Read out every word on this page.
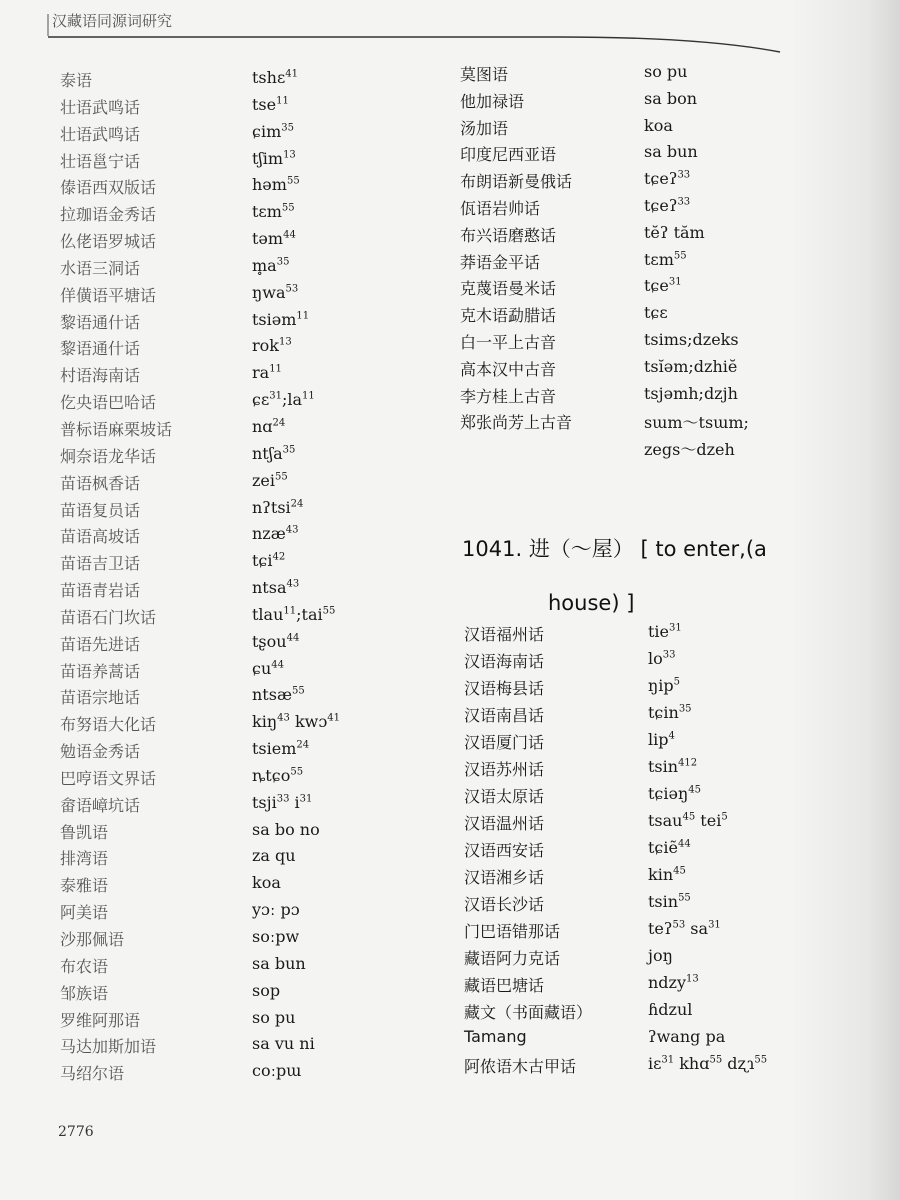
汉藏语同源词研究
泰语	tshɛ$^{41}$
壮语武鸣话	tse$^{11}$
壮语武鸣话	ɕim$^{35}$
壮语邕宁话	tʃim$^{13}$
傣语西双版话	həm$^{55}$
拉珈语金秀话	tɛm$^{55}$
仫佬语罗城话	təm$^{44}$
水语三洞话	$m̥a^{35}$
佯僙语平塘话	ŋwa$^{53}$
黎语通什话	tsiəm$^{11}$
黎语通什话	rok$^{13}$
村语海南话	$ra^{11}$
仡央语巴哈话	$ɕɛ^{31};la^{11}$
普标语麻栗坡话	nɑ$^{24}$
炯奈语龙华话	ntʃa$^{35}$
苗语枫香话	zei$^{55}$
苗语复员话	nʔtsi$^{24}$
苗语高坡话	nzæ$^{43}$
苗语吉卫话	tɕi$^{42}$
苗语青岩话	ntsa$^{43}$
苗语石门坎话	tlau$^{11}$;tai$^{55}$
苗语先进话	tʂou$^{44}$
苗语养蒿话	ɕu$^{44}$
苗语宗地话	ntsæ$^{55}$
布努语大化话	kiŋ$^{43}$ kwɔ$^{41}$
勉语金秀话	tsiem$^{24}$
巴哼语文界话	ȵtɕo$^{55}$
畲语嶂坑话	tsji$^{33}$ $i^{31}$
鲁凯语	sa bo no
排湾语	za qu
泰雅语	koa
阿美语	yɔː pɔ
沙那佩语	soːpw
布农语	sa bun
邹族语	sop
罗维阿那语	so pu
马达加斯加语	sa vu ni
马绍尔语	coːpɯ
莫图语	so pu
他加禄语	sa bon
汤加语	koa
印度尼西亚语	sa bun
布朗语新曼俄话	tɕeʔ$^{33}$
佤语岩帅话	tɕeʔ$^{33}$
布兴语磨憨话	tĕʔ tăm
莽语金平话	tɛm$^{55}$
克蔑语曼米话	tɕe$^{31}$
克木语勐腊话	tɕɛ
白一平上古音	tsims;dzeks
高本汉中古音	tsĭəm;dzhiĕ
李方桂上古音	tsjəmh;dzjh
郑张尚芳上古音	sɯm～tsɯm;
zegs～dzeh
1041. 进（～屋） [ to enter,(a
house) ]
汉语福州话	tie$^{31}$
汉语海南话	$lo^{33}$
汉语梅县话	ŋip$^5$
汉语南昌话	tɕin$^{35}$
汉语厦门话	lip$^4$
汉语苏州话	tsin$^{412}$
汉语太原话	tɕiəŋ$^{45}$
汉语温州话	tsau$^{45}$ tei$^5$
汉语西安话	tɕiẽ$^{44}$
汉语湘乡话	kin$^{45}$
汉语长沙话	tsin$^{55}$
门巴语错那话	teʔ$^{53}$ $sa^{31}$
藏语阿力克话	joŋ
藏语巴塘话	ndzy$^{13}$
藏文（书面藏语）	ɦdzul
Tamang	ʔwang pa
阿侬语木古甲话	iɛ$^{31}$ khɑ$^{55}$ dʐɿ$^{55}$
2776
